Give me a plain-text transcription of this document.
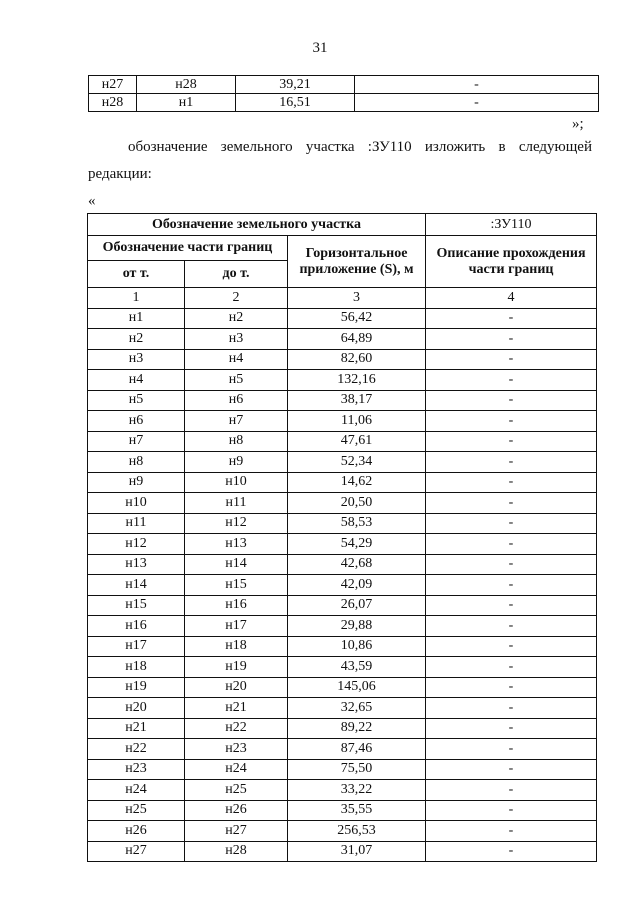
31
н27	н28	39,21	-
н28	н1	16,51	-
»;
обозначение земельного участка :ЗУ110 изложить в следующей
редакции:
«
Обозначение земельного участка			:ЗУ110
Обозначение части границ		Горизонтальное приложение (S), м	Описание прохождения части границ
от т.	до т.		
1	2	3	4
н1	н2	56,42	-
н2	н3	64,89	-
н3	н4	82,60	-
н4	н5	132,16	-
н5	н6	38,17	-
н6	н7	11,06	-
н7	н8	47,61	-
н8	н9	52,34	-
н9	н10	14,62	-
н10	н11	20,50	-
н11	н12	58,53	-
н12	н13	54,29	-
н13	н14	42,68	-
н14	н15	42,09	-
н15	н16	26,07	-
н16	н17	29,88	-
н17	н18	10,86	-
н18	н19	43,59	-
н19	н20	145,06	-
н20	н21	32,65	-
н21	н22	89,22	-
н22	н23	87,46	-
н23	н24	75,50	-
н24	н25	33,22	-
н25	н26	35,55	-
н26	н27	256,53	-
н27	н28	31,07	-
